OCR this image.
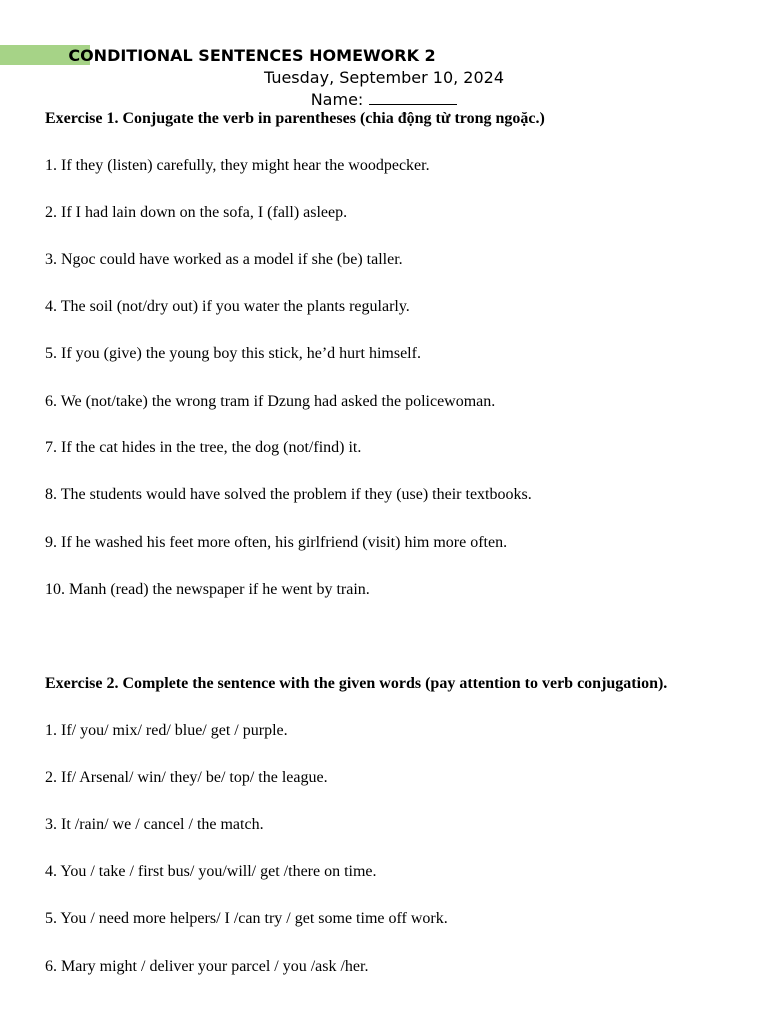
CONDITIONAL SENTENCES HOMEWORK 2
Tuesday, September 10, 2024
Name:
Exercise 1. Conjugate the verb in parentheses (chia động từ trong ngoặc.)
1. If they (listen) carefully, they might hear the woodpecker.
2. If I had lain down on the sofa, I (fall) asleep.
3. Ngoc could have worked as a model if she (be) taller.
4. The soil (not/dry out) if you water the plants regularly.
5. If you (give) the young boy this stick, he’d hurt himself.
6. We (not/take) the wrong tram if Dzung had asked the policewoman.
7. If the cat hides in the tree, the dog (not/find) it.
8. The students would have solved the problem if they (use) their textbooks.
9. If he washed his feet more often, his girlfriend (visit) him more often.
10. Manh (read) the newspaper if he went by train.
Exercise 2. Complete the sentence with the given words (pay attention to verb conjugation).
1. If/ you/ mix/ red/ blue/ get / purple.
2. If/ Arsenal/ win/ they/ be/ top/ the league.
3. It /rain/ we / cancel / the match.
4. You / take / first bus/ you/will/ get /there on time.
5. You / need more helpers/ I /can try / get some time off work.
6. Mary might / deliver your parcel / you /ask /her.
